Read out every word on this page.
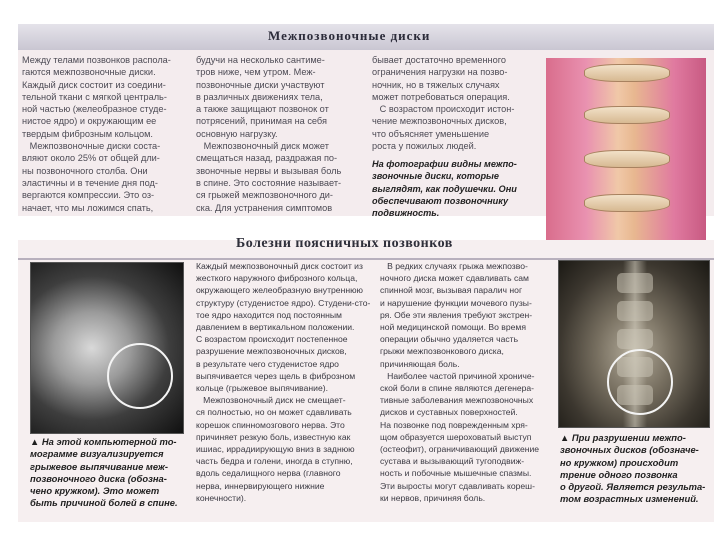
Межпозвоночные диски

Между телами позвонков распола-
гаются межпозвоночные диски.
Каждый диск состоит из соедини-
тельной ткани с мягкой централь-
ной частью (желеобразное студе-
нистое ядро) и окружающим ее
твердым фиброзным кольцом.
Межпозвоночные диски соста-
вляют около 25% от общей дли-
ны позвоночного столба. Они
эластичны и в течение дня под-
вергаются компрессии. Это оз-
начает, что мы ложимся спать,

будучи на несколько сантиме-
тров ниже, чем утром. Меж-
позвоночные диски участвуют
в различных движениях тела,
а также защищают позвонок от
потрясений, принимая на себя
основную нагрузку.
Межпозвоночный диск может
смещаться назад, раздражая по-
звоночные нервы и вызывая боль
в спине. Это состояние называет-
ся грыжей межпозвоночного ди-
ска. Для устранения симптомов

бывает достаточно временного
ограничения нагрузки на позво-
ночник, но в тяжелых случаях
может потребоваться операция.
С возрастом происходит истон-
чение межпозвоночных дисков,
что объясняет уменьшение
роста у пожилых людей.

На фотографии видны межпо-
звоночные диски, которые
выглядят, как подушечки. Они
обеспечивают позвоночнику
подвижность.

Болезни поясничных позвонков

▲ На этой компьютерной то-
мограмме визуализируется
грыжевое выпячивание меж-
позвоночного диска (обозна-
чено кружком). Это может
быть причиной болей в спине.

Каждый межпозвоночный диск состоит из
жесткого наружного фиброзного кольца,
окружающего желеобразную внутреннюю
структуру (студенистое ядро). Студени-сто-
тое ядро находится под постоянным
давлением в вертикальном положении.
С возрастом происходит постепенное
разрушение межпозвоночных дисков,
в результате чего студенистое ядро
выпячивается через щель в фиброзном
кольце (грыжевое выпячивание).
Межпозвоночный диск не смещает-
ся полностью, но он может сдавливать
корешок спинномозгового нерва. Это
причиняет резкую боль, известную как
ишиас, иррадиирующую вниз в заднюю
часть бедра и голени, иногда в ступню,
вдоль седалищного нерва (главного
нерва, иннервирующего нижние
конечности).

В редких случаях грыжа межпозво-
ночного диска может сдавливать сам
спинной мозг, вызывая паралич ног
и нарушение функции мочевого пузы-
ря. Обе эти явления требуют экстрен-
ной медицинской помощи. Во время
операции обычно удаляется часть
грыжи межпозвонкового диска,
причиняющая боль.
Наиболее частой причиной хрониче-
ской боли в спине являются дегенера-
тивные заболевания межпозвоночных
дисков и суставных поверхностей.
На позвонке под поврежденным хря-
щом образуется шероховатый выступ
(остеофит), ограничивающий движение
сустава и вызывающий тугоподвиж-
ность и побочные мышечные спазмы.
Эти выросты могут сдавливать кореш-
ки нервов, причиняя боль.

▲ При разрушении межпо-
звоночных дисков (обозначе-
но кружком) происходит
трение одного позвонка
о другой. Является результа-
том возрастных изменений.
